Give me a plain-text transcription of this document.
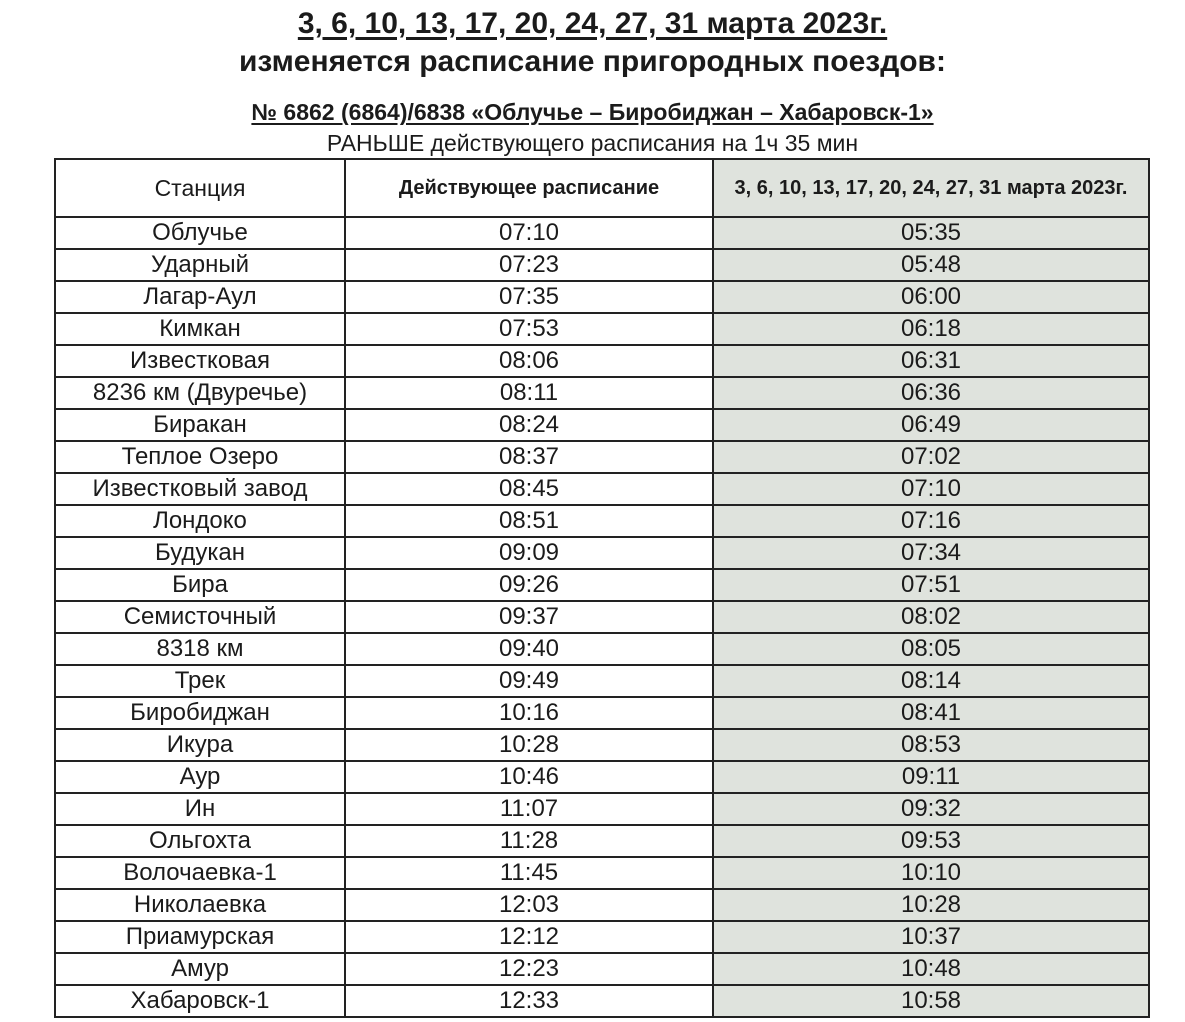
3, 6, 10, 13, 17, 20, 24, 27, 31 марта 2023г.
изменяется расписание пригородных поездов:
№ 6862 (6864)/6838 «Облучье – Биробиджан – Хабаровск-1»
РАНЬШЕ действующего расписания на 1ч 35 мин
Станция	Действующее расписание	3, 6, 10, 13, 17, 20, 24, 27, 31 марта 2023г.
Облучье	07:10	05:35
Ударный	07:23	05:48
Лагар-Аул	07:35	06:00
Кимкан	07:53	06:18
Известковая	08:06	06:31
8236 км (Двуречье)	08:11	06:36
Биракан	08:24	06:49
Теплое Озеро	08:37	07:02
Известковый завод	08:45	07:10
Лондоко	08:51	07:16
Будукан	09:09	07:34
Бира	09:26	07:51
Семисточный	09:37	08:02
8318 км	09:40	08:05
Трек	09:49	08:14
Биробиджан	10:16	08:41
Икура	10:28	08:53
Аур	10:46	09:11
Ин	11:07	09:32
Ольгохта	11:28	09:53
Волочаевка-1	11:45	10:10
Николаевка	12:03	10:28
Приамурская	12:12	10:37
Амур	12:23	10:48
Хабаровск-1	12:33	10:58
